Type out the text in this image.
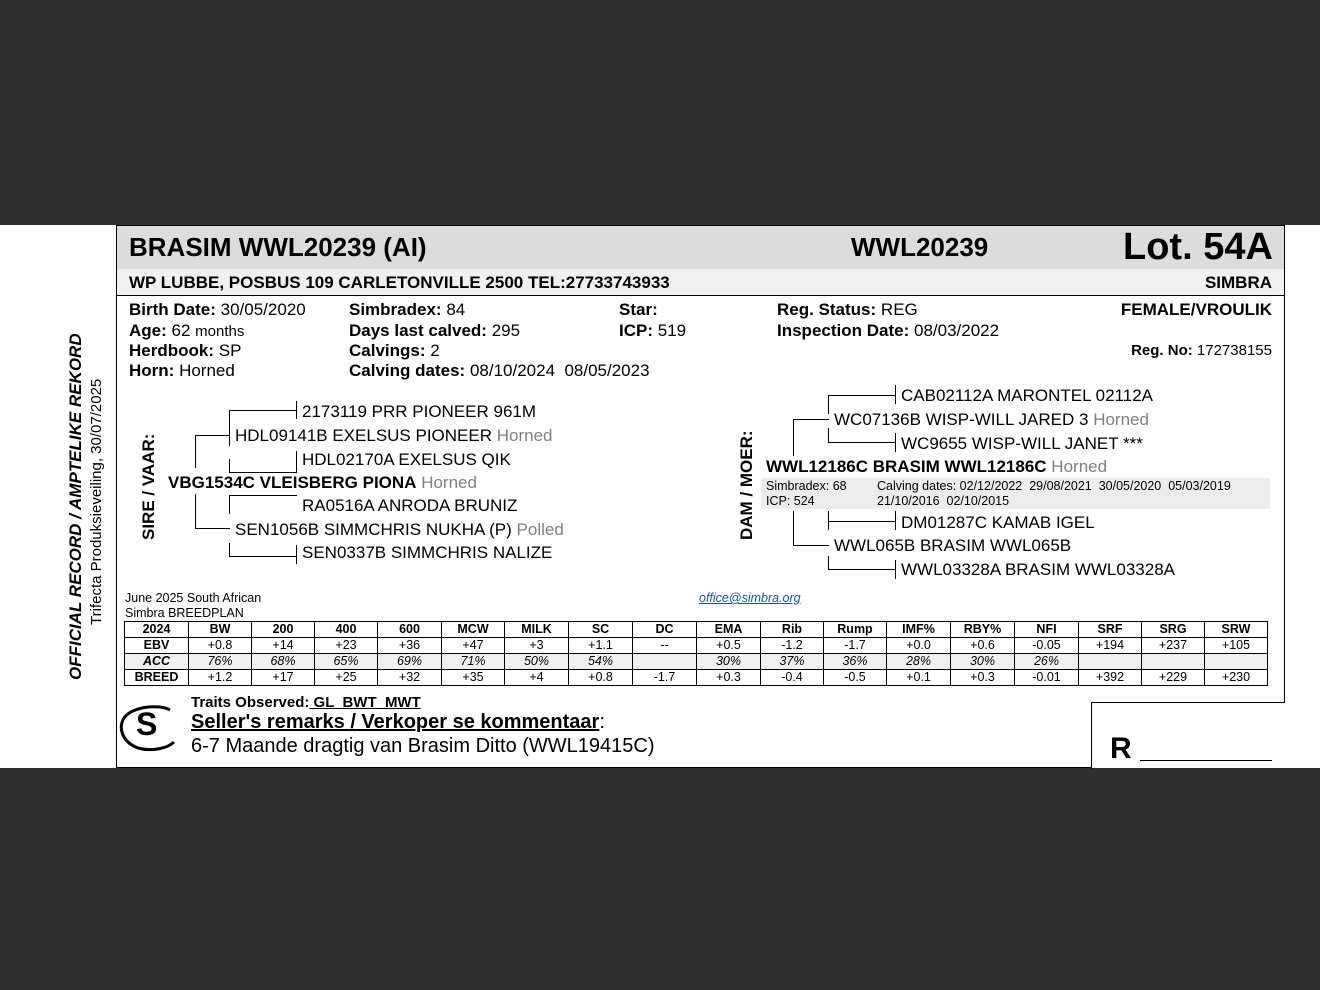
OFFICIAL RECORD / AMPTELIKE REKORD Trifecta Produksieveiling, 30/07/2025
BRASIM WWL20239 (AI)	WWL20239	Lot. 54A
WP LUBBE, POSBUS 109 CARLETONVILLE 2500 TEL:27733743933	SIMBRA
Birth Date: 30/05/2020
Age: 62 months
Herdbook: SP
Horn: Horned
Simbradex: 84
Days last calved: 295
Calvings: 2
Calving dates: 08/10/2024  08/05/2023
Star:
ICP: 519
Reg. Status: REG
Inspection Date: 08/03/2022
FEMALE/VROULIK
Reg. No: 172738155
SIRE / VAAR:
2173119 PRR PIONEER 961M
HDL09141B EXELSUS PIONEER Horned
HDL02170A EXELSUS QIK
VBG1534C VLEISBERG PIONA Horned
RA0516A ANRODA BRUNIZ
SEN1056B SIMMCHRIS NUKHA (P) Polled
SEN0337B SIMMCHRIS NALIZE
DAM / MOER:
CAB02112A MARONTEL 02112A
WC07136B WISP-WILL JARED 3 Horned
WC9655 WISP-WILL JANET ***
WWL12186C BRASIM WWL12186C Horned
Simbradex: 68
ICP: 524
Calving dates: 02/12/2022  29/08/2021  30/05/2020  05/03/2019
21/10/2016  02/10/2015
DM01287C KAMAB IGEL
WWL065B BRASIM WWL065B
WWL03328A BRASIM WWL03328A
June 2025 South African
Simbra BREEDPLAN
office@simbra.org
2024	BW	200	400	600	MCW	MILK	SC	DC	EMA	Rib	Rump	IMF%	RBY%	NFI	SRF	SRG	SRW
EBV	+0.8	+14	+23	+36	+47	+3	+1.1	--	+0.5	-1.2	-1.7	+0.0	+0.6	-0.05	+194	+237	+105
ACC	76%	68%	65%	69%	71%	50%	54%		30%	37%	36%	28%	30%	26%			
BREED	+1.2	+17	+25	+32	+35	+4	+0.8	-1.7	+0.3	-0.4	-0.5	+0.1	+0.3	-0.01	+392	+229	+230
S
Traits Observed: GL  BWT  MWT
Seller's remarks / Verkoper se kommentaar:
6-7 Maande dragtig van Brasim Ditto (WWL19415C)	R
